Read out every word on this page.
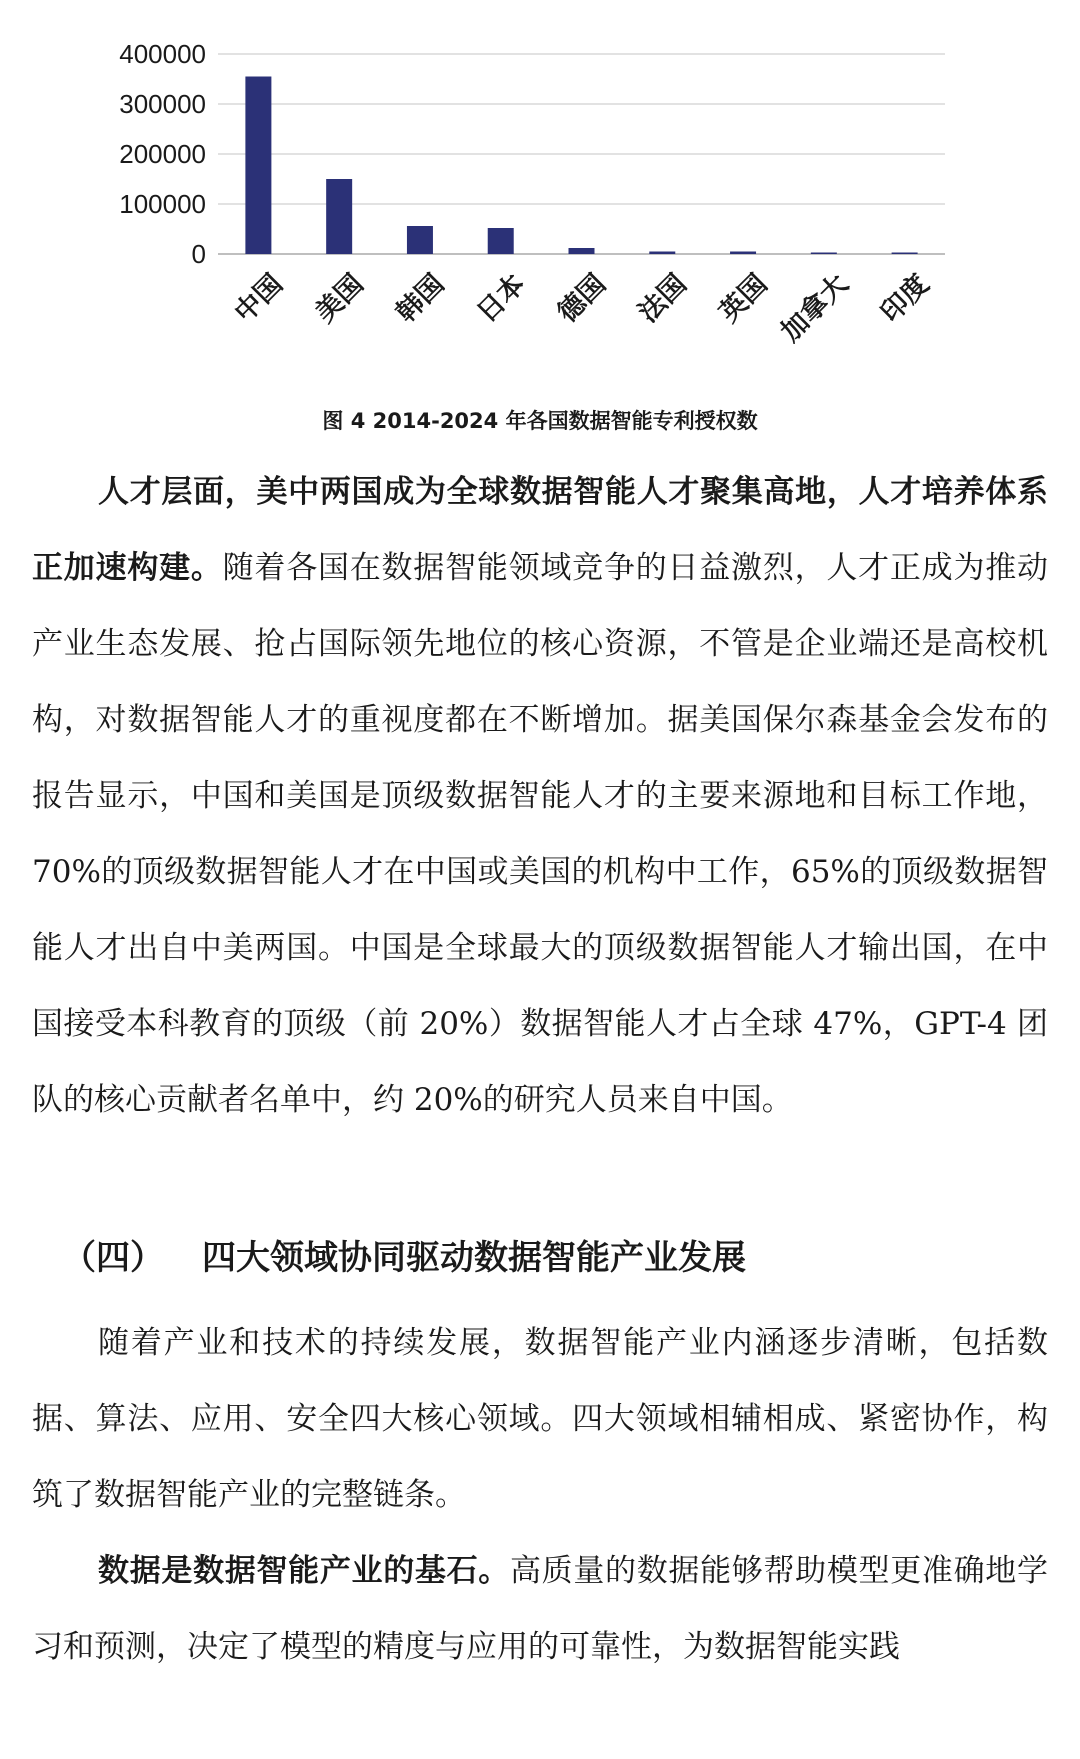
0
100000
200000
300000
400000
中国 美国 韩国 日本 德国 法国 英国 加拿大 印度
图 4 2014-2024 年各国数据智能专利授权数

人才层面，美中两国成为全球数据智能人才聚集高地，人才培养体系正加速构建。随着各国在数据智能领域竞争的日益激烈，人才正成为推动产业生态发展、抢占国际领先地位的核心资源，不管是企业端还是高校机构，对数据智能人才的重视度都在不断增加。据美国保尔森基金会发布的报告显示，中国和美国是顶级数据智能人才的主要来源地和目标工作地，70%的顶级数据智能人才在中国或美国的机构中工作，65%的顶级数据智能人才出自中美两国。中国是全球最大的顶级数据智能人才输出国，在中国接受本科教育的顶级（前 20%）数据智能人才占全球 47%，GPT-4 团队的核心贡献者名单中，约 20%的研究人员来自中国。

（四） 四大领域协同驱动数据智能产业发展

随着产业和技术的持续发展，数据智能产业内涵逐步清晰，包括数据、算法、应用、安全四大核心领域。四大领域相辅相成、紧密协作，构筑了数据智能产业的完整链条。

数据是数据智能产业的基石。高质量的数据能够帮助模型更准确地学习和预测，决定了模型的精度与应用的可靠性，为数据智能实践
